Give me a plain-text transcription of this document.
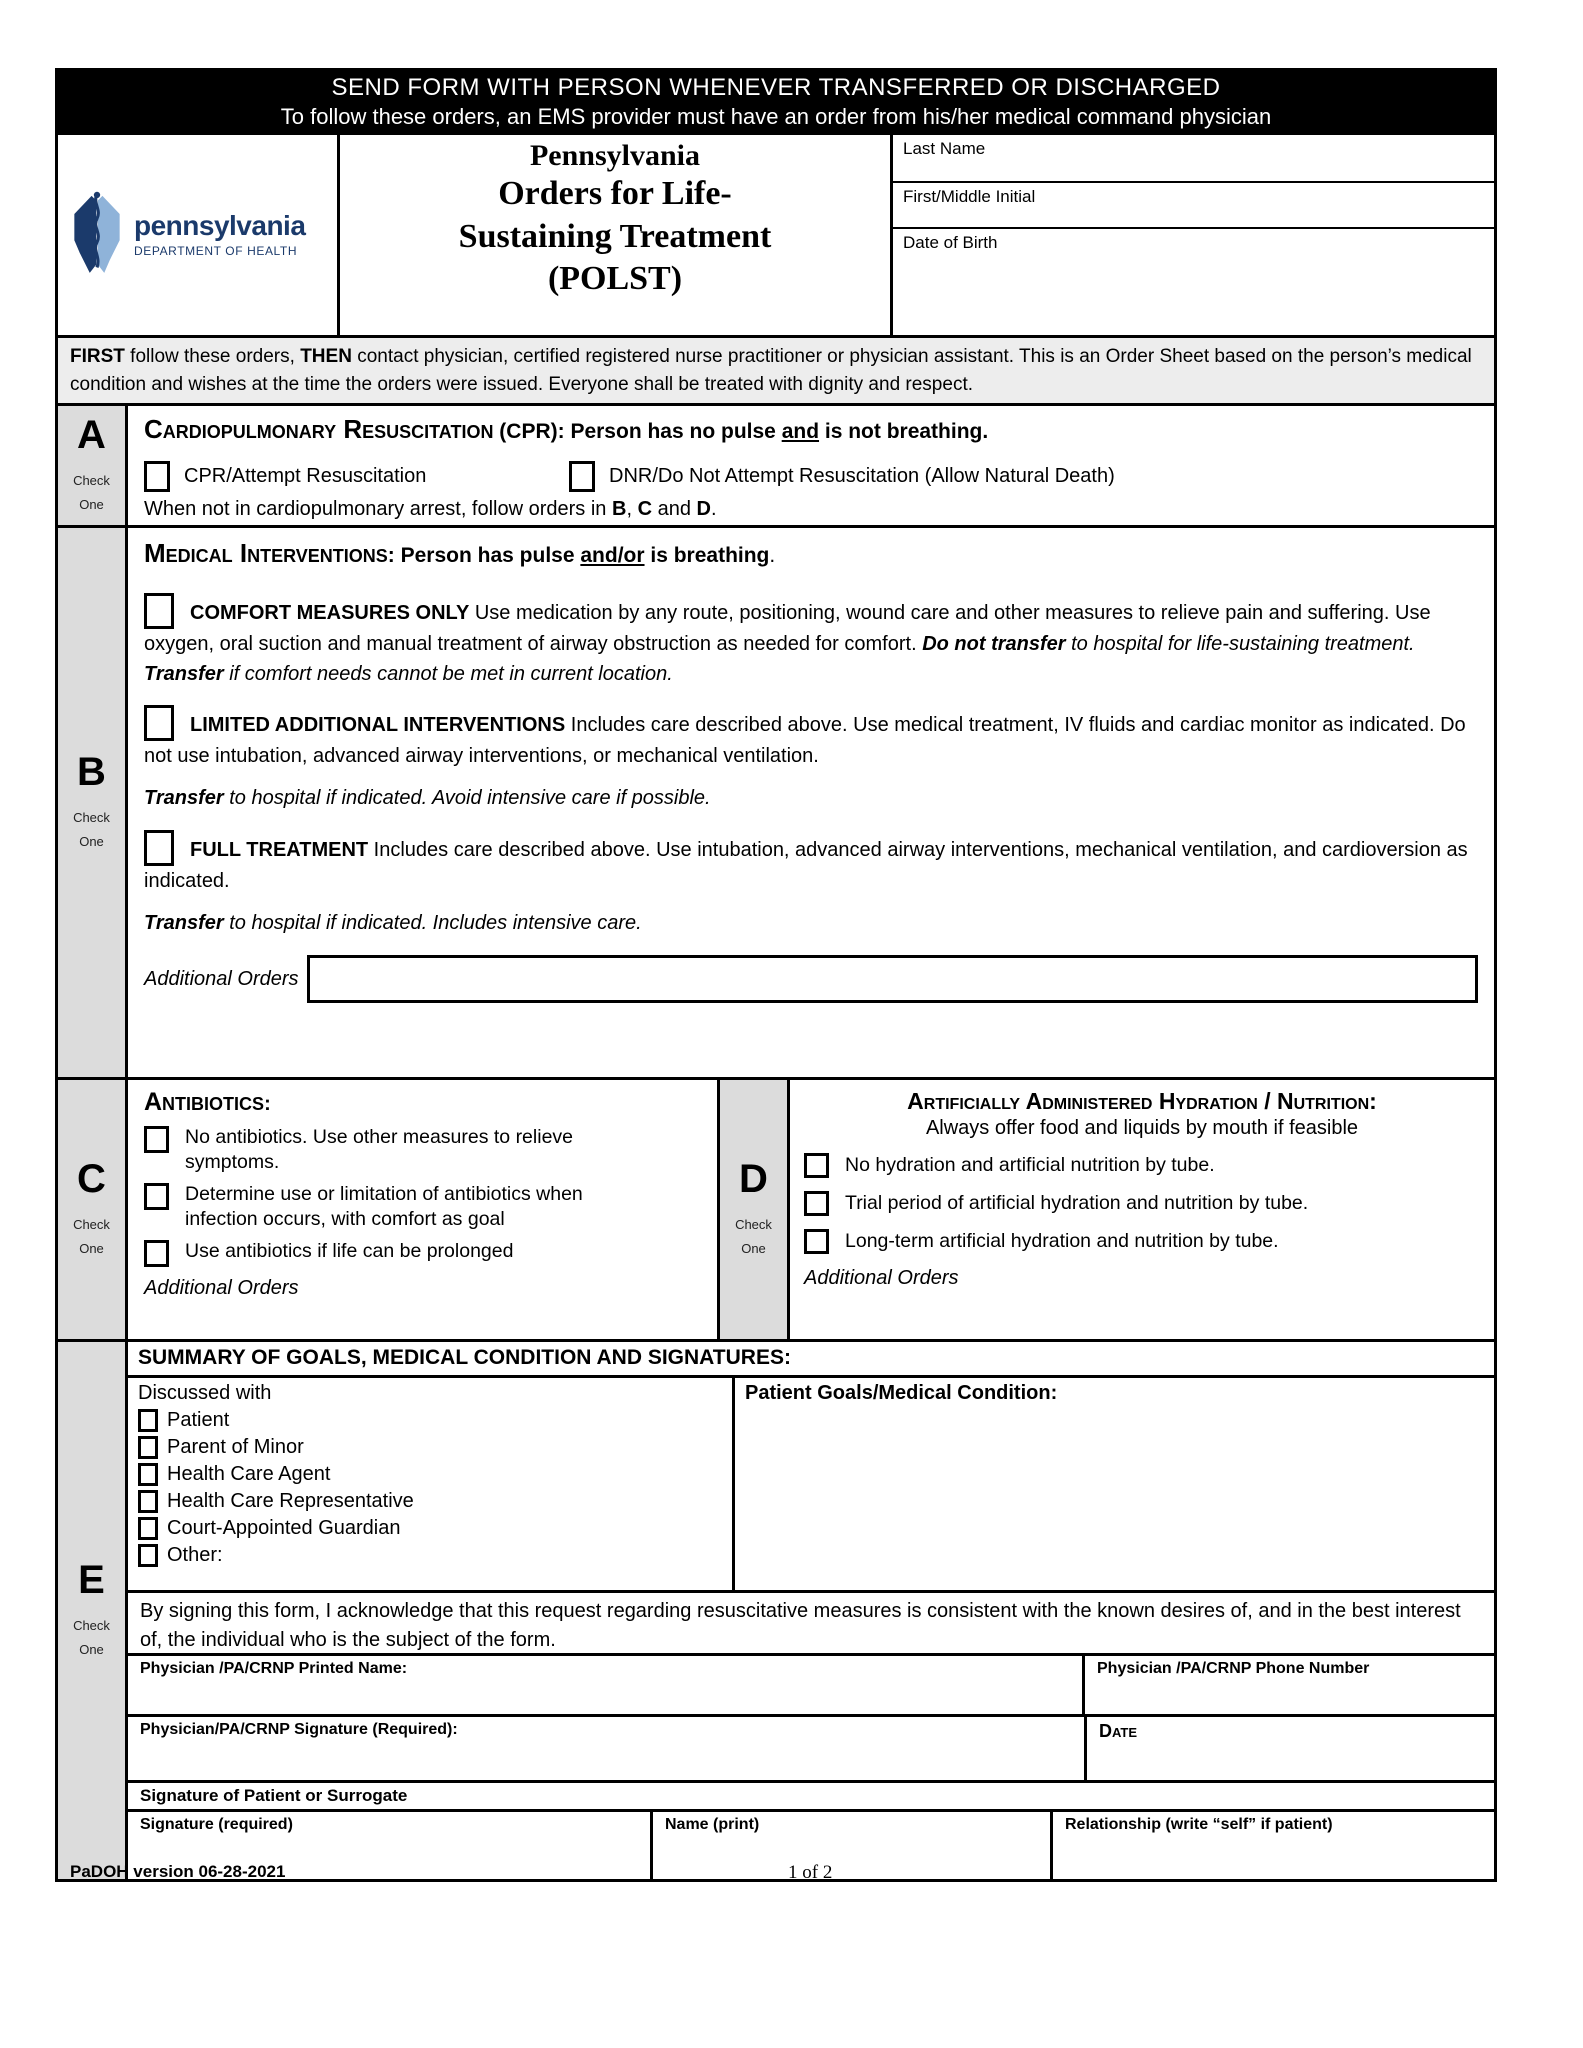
SEND FORM WITH PERSON WHENEVER TRANSFERRED OR DISCHARGED
To follow these orders, an EMS provider must have an order from his/her medical command physician
pennsylvania
DEPARTMENT OF HEALTH
Pennsylvania
Orders for Life-
Sustaining Treatment
(POLST)
Last Name
First/Middle Initial
Date of Birth
FIRST follow these orders, THEN contact physician, certified registered nurse practitioner or physician assistant. This is an Order Sheet based on the person’s medical condition and wishes at the time the orders were issued. Everyone shall be treated with dignity and respect.
A
Check
One
Cardiopulmonary Resuscitation (CPR): Person has no pulse and is not breathing.
CPR/Attempt Resuscitation	DNR/Do Not Attempt Resuscitation (Allow Natural Death)
When not in cardiopulmonary arrest, follow orders in B, C and D.
B
Check
One
Medical Interventions: Person has pulse and/or is breathing.

COMFORT MEASURES ONLY Use medication by any route, positioning, wound care and other measures to relieve pain and suffering. Use oxygen, oral suction and manual treatment of airway obstruction as needed for comfort. Do not transfer to hospital for life-sustaining treatment. Transfer if comfort needs cannot be met in current location.

LIMITED ADDITIONAL INTERVENTIONS Includes care described above. Use medical treatment, IV fluids and cardiac monitor as indicated. Do not use intubation, advanced airway interventions, or mechanical ventilation.

Transfer to hospital if indicated. Avoid intensive care if possible.

FULL TREATMENT Includes care described above. Use intubation, advanced airway interventions, mechanical ventilation, and cardioversion as indicated.

Transfer to hospital if indicated. Includes intensive care.

Additional Orders
C
Check
One
Antibiotics:
No antibiotics. Use other measures to relieve symptoms.
Determine use or limitation of antibiotics when infection occurs, with comfort as goal
Use antibiotics if life can be prolonged
Additional Orders
D
Check
One
Artificially Administered Hydration / Nutrition:
Always offer food and liquids by mouth if feasible
No hydration and artificial nutrition by tube.
Trial period of artificial hydration and nutrition by tube.
Long-term artificial hydration and nutrition by tube.
Additional Orders
E
Check
One
SUMMARY OF GOALS, MEDICAL CONDITION AND SIGNATURES:
Discussed with
Patient
Parent of Minor
Health Care Agent
Health Care Representative
Court-Appointed Guardian
Other:
Patient Goals/Medical Condition:
By signing this form, I acknowledge that this request regarding resuscitative measures is consistent with the known desires of, and in the best interest of, the individual who is the subject of the form.
Physician /PA/CRNP Printed Name:	Physician /PA/CRNP Phone Number
Physician/PA/CRNP Signature (Required):	Date
Signature of Patient or Surrogate
Signature (required)	Name (print)	Relationship (write “self” if patient)
PaDOH version 06-28-2021	1 of 2
